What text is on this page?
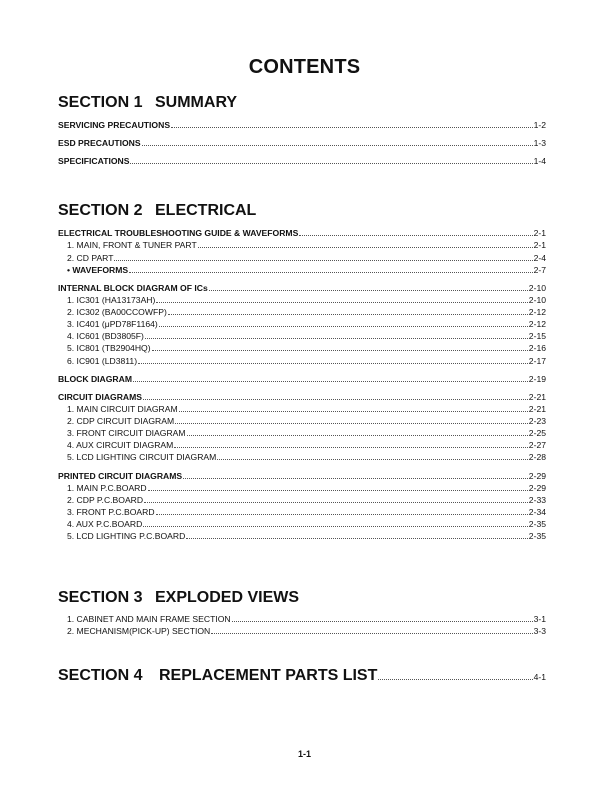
CONTENTS
SECTION 1 SUMMARY
SERVICING PRECAUTIONS	1-2
ESD PRECAUTIONS	1-3
SPECIFICATIONS	1-4
SECTION 2 ELECTRICAL
ELECTRICAL TROUBLESHOOTING GUIDE & WAVEFORMS	2-1
1. MAIN, FRONT & TUNER PART	2-1
2. CD PART	2-4
• WAVEFORMS	2-7
INTERNAL BLOCK DIAGRAM OF ICs	2-10
1. IC301 (HA13173AH)	2-10
2. IC302 (BA00CCOWFP)	2-12
3. IC401 (μPD78F1164)	2-12
4. IC601 (BD3805F)	2-15
5. IC801 (TB2904HQ)	2-16
6. IC901 (LD3811)	2-17
BLOCK DIAGRAM	2-19
CIRCUIT DIAGRAMS	2-21
1. MAIN CIRCUIT DIAGRAM	2-21
2. CDP CIRCUIT DIAGRAM	2-23
3. FRONT CIRCUIT DIAGRAM	2-25
4. AUX CIRCUIT DIAGRAM	2-27
5. LCD LIGHTING CIRCUIT DIAGRAM	2-28
PRINTED CIRCUIT DIAGRAMS	2-29
1. MAIN P.C.BOARD	2-29
2. CDP P.C.BOARD	2-33
3. FRONT P.C.BOARD	2-34
4. AUX P.C.BOARD	2-35
5. LCD LIGHTING P.C.BOARD	2-35
SECTION 3 EXPLODED VIEWS
1. CABINET AND MAIN FRAME SECTION	3-1
2. MECHANISM(PICK-UP) SECTION	3-3
SECTION 4	REPLACEMENT PARTS LIST	4-1
1-1
